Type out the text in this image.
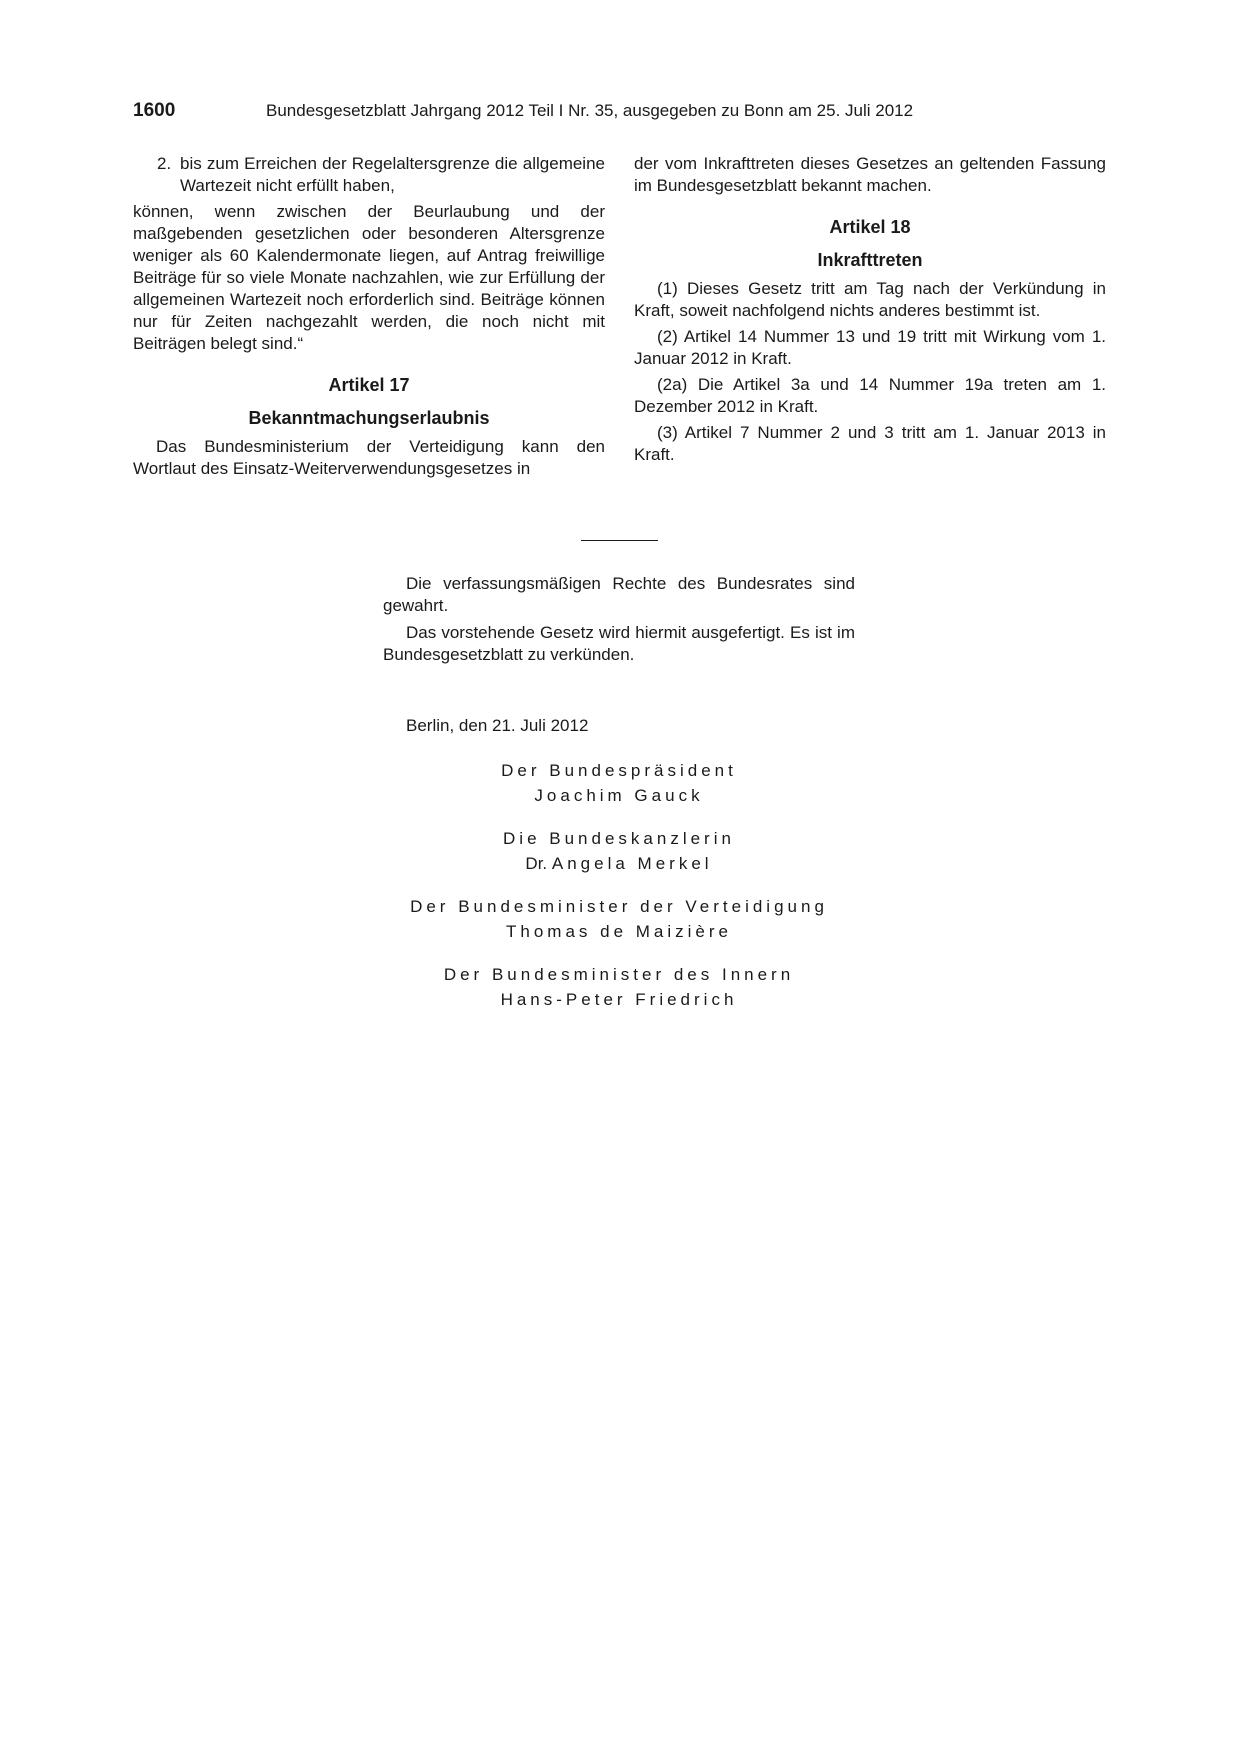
1600	Bundesgesetzblatt Jahrgang 2012 Teil I Nr. 35, ausgegeben zu Bonn am 25. Juli 2012
2. bis zum Erreichen der Regelaltersgrenze die allgemeine Wartezeit nicht erfüllt haben,

können, wenn zwischen der Beurlaubung und der maßgebenden gesetzlichen oder besonderen Altersgrenze weniger als 60 Kalendermonate liegen, auf Antrag freiwillige Beiträge für so viele Monate nachzahlen, wie zur Erfüllung der allgemeinen Wartezeit noch erforderlich sind. Beiträge können nur für Zeiten nachgezahlt werden, die noch nicht mit Beiträgen belegt sind.“

Artikel 17
Bekanntmachungserlaubnis

Das Bundesministerium der Verteidigung kann den Wortlaut des Einsatz-Weiterverwendungsgesetzes in

der vom Inkrafttreten dieses Gesetzes an geltenden Fassung im Bundesgesetzblatt bekannt machen.

Artikel 18
Inkrafttreten

(1) Dieses Gesetz tritt am Tag nach der Verkündung in Kraft, soweit nachfolgend nichts anderes bestimmt ist.

(2) Artikel 14 Nummer 13 und 19 tritt mit Wirkung vom 1. Januar 2012 in Kraft.

(2a) Die Artikel 3a und 14 Nummer 19a treten am 1. Dezember 2012 in Kraft.

(3) Artikel 7 Nummer 2 und 3 tritt am 1. Januar 2013 in Kraft.

Die verfassungsmäßigen Rechte des Bundesrates sind gewahrt.

Das vorstehende Gesetz wird hiermit ausgefertigt. Es ist im Bundesgesetzblatt zu verkünden.

Berlin, den 21. Juli 2012
Der Bundespräsident
Joachim Gauck
Die Bundeskanzlerin
Dr. Angela Merkel
Der Bundesminister der Verteidigung
Thomas de Maizière
Der Bundesminister des Innern
Hans-Peter Friedrich
